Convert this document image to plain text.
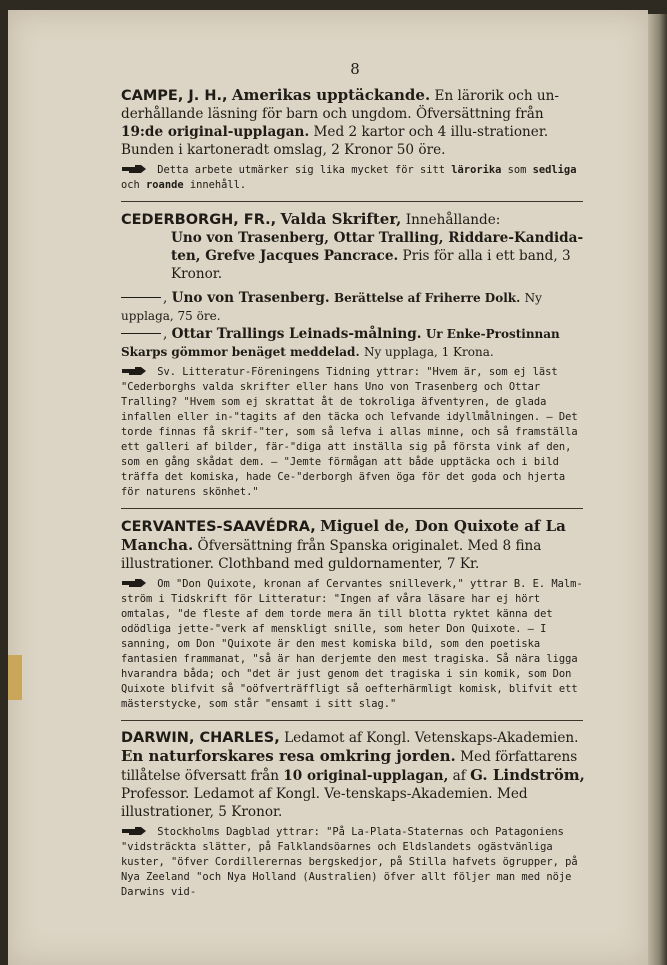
8
CAMPE, J. H., Amerikas upptäckande. En lärorik och un-derhållande läsning för barn och ungdom. Öfversättning från 19:de original-upplagan. Med 2 kartor och 4 illu-strationer. Bunden i kartoneradt omslag, 2 Kronor 50 öre.
Detta arbete utmärker sig lika mycket för sitt lärorika som sedliga och roande innehåll.
CEDERBORGH, FR., Valda Skrifter, Innehållande:
Uno von Trasenberg, Ottar Tralling, Riddare-Kandida-ten, Grefve Jacques Pancrace. Pris för alla i ett band, 3 Kronor.
, Uno von Trasenberg. Berättelse af Friherre Dolk. Ny upplaga, 75 öre.
, Ottar Trallings Leinads-målning. Ur Enke-Prostinnan Skarps gömmor benäget meddelad. Ny upplaga, 1 Krona.
Sv. Litteratur-Föreningens Tidning yttrar: "Hvem är, som ej läst "Cederborghs valda skrifter eller hans Uno von Trasenberg och Ottar Tralling? "Hvem som ej skrattat åt de tokroliga äfventyren, de glada infallen eller in-"tagits af den täcka och lefvande idyllmålningen. — Det torde finnas få skrif-"ter, som så lefva i allas minne, och så framställa ett galleri af bilder, fär-"diga att inställa sig på första vink af den, som en gång skådat dem. — "Jemte förmågan att både upptäcka och i bild träffa det komiska, hade Ce-"derborgh äfven öga för det goda och hjerta för naturens skönhet."
CERVANTES-SAAVÉDRA, Miguel de, Don Quixote af La Mancha. Öfversättning från Spanska originalet. Med 8 fina illustrationer. Clothband med guldornamenter, 7 Kr.
Om "Don Quixote, kronan af Cervantes snilleverk," yttrar B. E. Malm-ström i Tidskrift för Litteratur: "Ingen af våra läsare har ej hört omtalas, "de fleste af dem torde mera än till blotta ryktet känna det odödliga jette-"verk af menskligt snille, som heter Don Quixote. — I sanning, om Don "Quixote är den mest komiska bild, som den poetiska fantasien frammanat, "så är han derjemte den mest tragiska. Så nära ligga hvarandra båda; och "det är just genom det tragiska i sin komik, som Don Quixote blifvit så "oöfverträffligt så oefterhärmligt komisk, blifvit ett mästerstycke, som står "ensamt i sitt slag."
DARWIN, CHARLES, Ledamot af Kongl. Vetenskaps-Akademien. En naturforskares resa omkring jorden. Med författarens tillåtelse öfversatt från 10 original-upplagan, af G. Lindström, Professor. Ledamot af Kongl. Ve-tenskaps-Akademien. Med illustrationer, 5 Kronor.
Stockholms Dagblad yttrar: "På La-Plata-Staternas och Patagoniens "vidsträckta slätter, på Falklandsöarnes och Eldslandets ogästvänliga kuster, "öfver Cordillerernas bergskedjor, på Stilla hafvets ögrupper, på Nya Zeeland "och Nya Holland (Australien) öfver allt följer man med nöje Darwins vid-
